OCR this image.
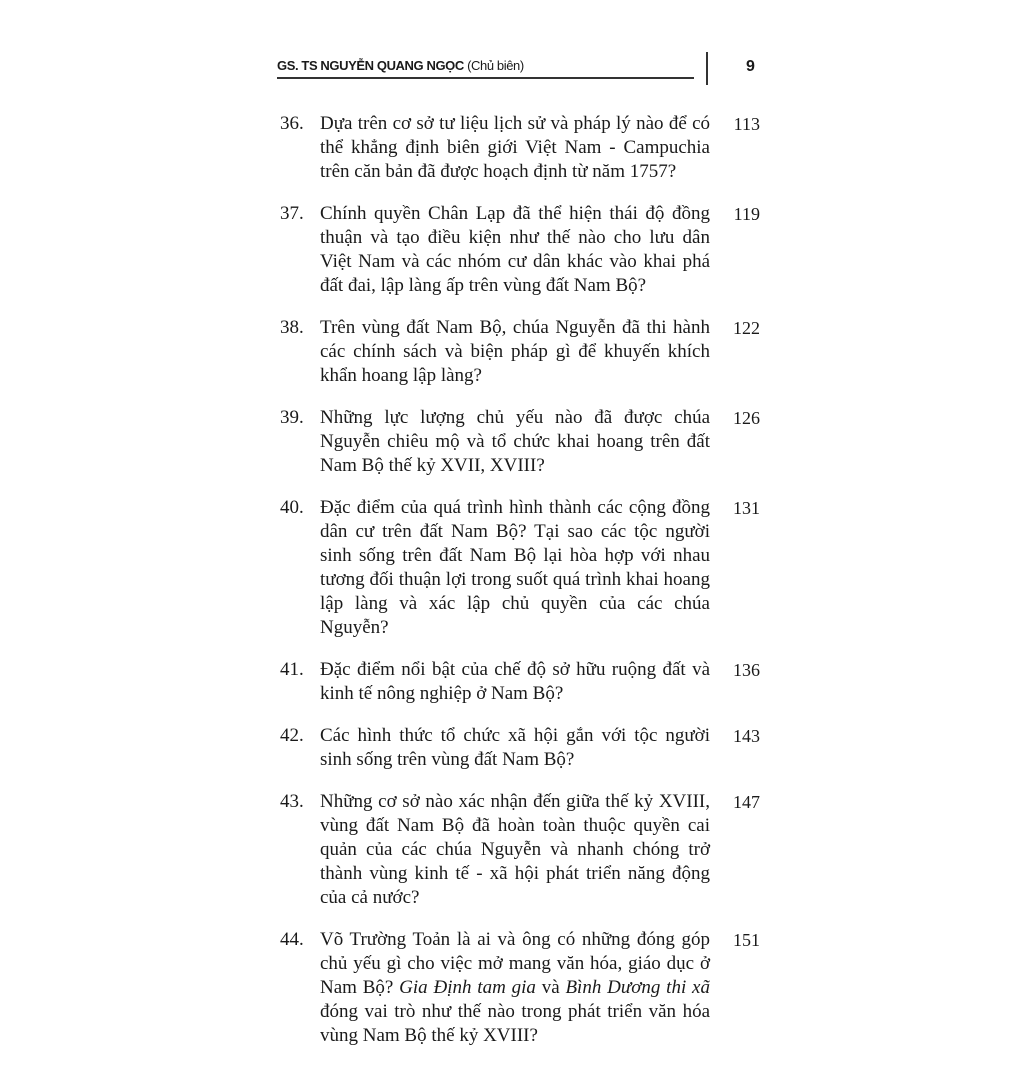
GS. TS NGUYỄN QUANG NGỌC (Chủ biên)	9
36. Dựa trên cơ sở tư liệu lịch sử và pháp lý nào để có thể khẳng định biên giới Việt Nam - Campuchia trên căn bản đã được hoạch định từ năm 1757?
113
37. Chính quyền Chân Lạp đã thể hiện thái độ đồng thuận và tạo điều kiện như thế nào cho lưu dân Việt Nam và các nhóm cư dân khác vào khai phá đất đai, lập làng ấp trên vùng đất Nam Bộ?
119
38. Trên vùng đất Nam Bộ, chúa Nguyễn đã thi hành các chính sách và biện pháp gì để khuyến khích khẩn hoang lập làng?
122
39. Những lực lượng chủ yếu nào đã được chúa Nguyễn chiêu mộ và tổ chức khai hoang trên đất Nam Bộ thế kỷ XVII, XVIII?
126
40. Đặc điểm của quá trình hình thành các cộng đồng dân cư trên đất Nam Bộ? Tại sao các tộc người sinh sống trên đất Nam Bộ lại hòa hợp với nhau tương đối thuận lợi trong suốt quá trình khai hoang lập làng và xác lập chủ quyền của các chúa Nguyễn?
131
41. Đặc điểm nổi bật của chế độ sở hữu ruộng đất và kinh tế nông nghiệp ở Nam Bộ?
136
42. Các hình thức tổ chức xã hội gắn với tộc người sinh sống trên vùng đất Nam Bộ?
143
43. Những cơ sở nào xác nhận đến giữa thế kỷ XVIII, vùng đất Nam Bộ đã hoàn toàn thuộc quyền cai quản của các chúa Nguyễn và nhanh chóng trở thành vùng kinh tế - xã hội phát triển năng động của cả nước?
147
44. Võ Trường Toản là ai và ông có những đóng góp chủ yếu gì cho việc mở mang văn hóa, giáo dục ở Nam Bộ? Gia Định tam gia và Bình Dương thi xã đóng vai trò như thế nào trong phát triển văn hóa vùng Nam Bộ thế kỷ XVIII?
151
